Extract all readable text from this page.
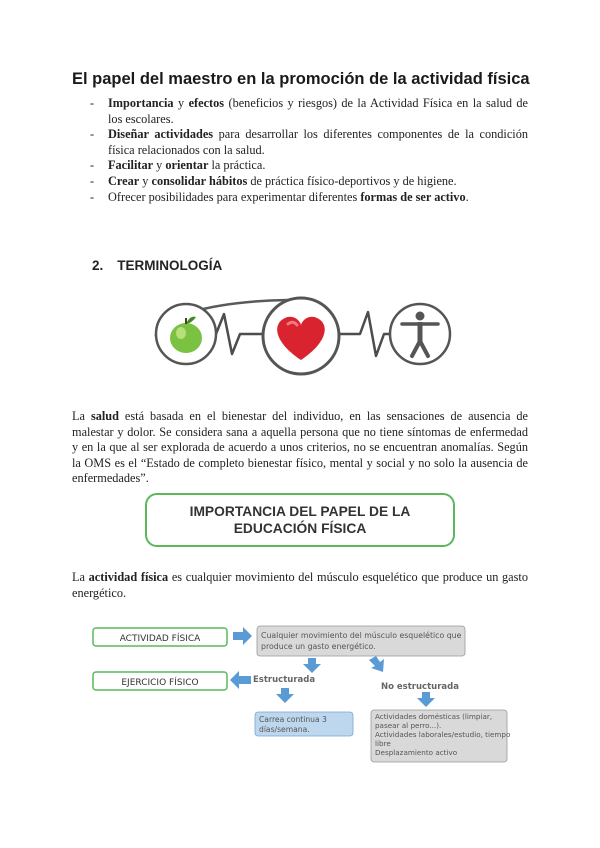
El papel del maestro en la promoción de la actividad física
- Importancia y efectos (beneficios y riesgos) de la Actividad Física en la salud de los escolares.
- Diseñar actividades para desarrollar los diferentes componentes de la condición física relacionados con la salud.
- Facilitar y orientar la práctica.
- Crear y consolidar hábitos de práctica físico-deportivos y de higiene.
- Ofrecer posibilidades para experimentar diferentes formas de ser activo.
2. TERMINOLOGÍA

La salud está basada en el bienestar del individuo, en las sensaciones de ausencia de malestar y dolor. Se considera sana a aquella persona que no tiene síntomas de enfermedad y en la que al ser explorada de acuerdo a unos criterios, no se encuentran anomalías. Según la OMS es el “Estado de completo bienestar físico, mental y social y no solo la ausencia de enfermedades”.

IMPORTANCIA DEL PAPEL DE LA
EDUCACIÓN FÍSICA

La actividad física es cualquier movimiento del músculo esquelético que produce un gasto energético.

ACTIVIDAD FÍSICA	Cualquier movimiento del músculo esquelético que
produce un gasto energético.
Estructurada
No estructurada
EJERCICIO FÍSICO
Carrea continua 3
días/semana.
Actividades domésticas (limpiar,
pasear al perro...).
Actividades laborales/estudio, tiempo
libre
Desplazamiento activo
